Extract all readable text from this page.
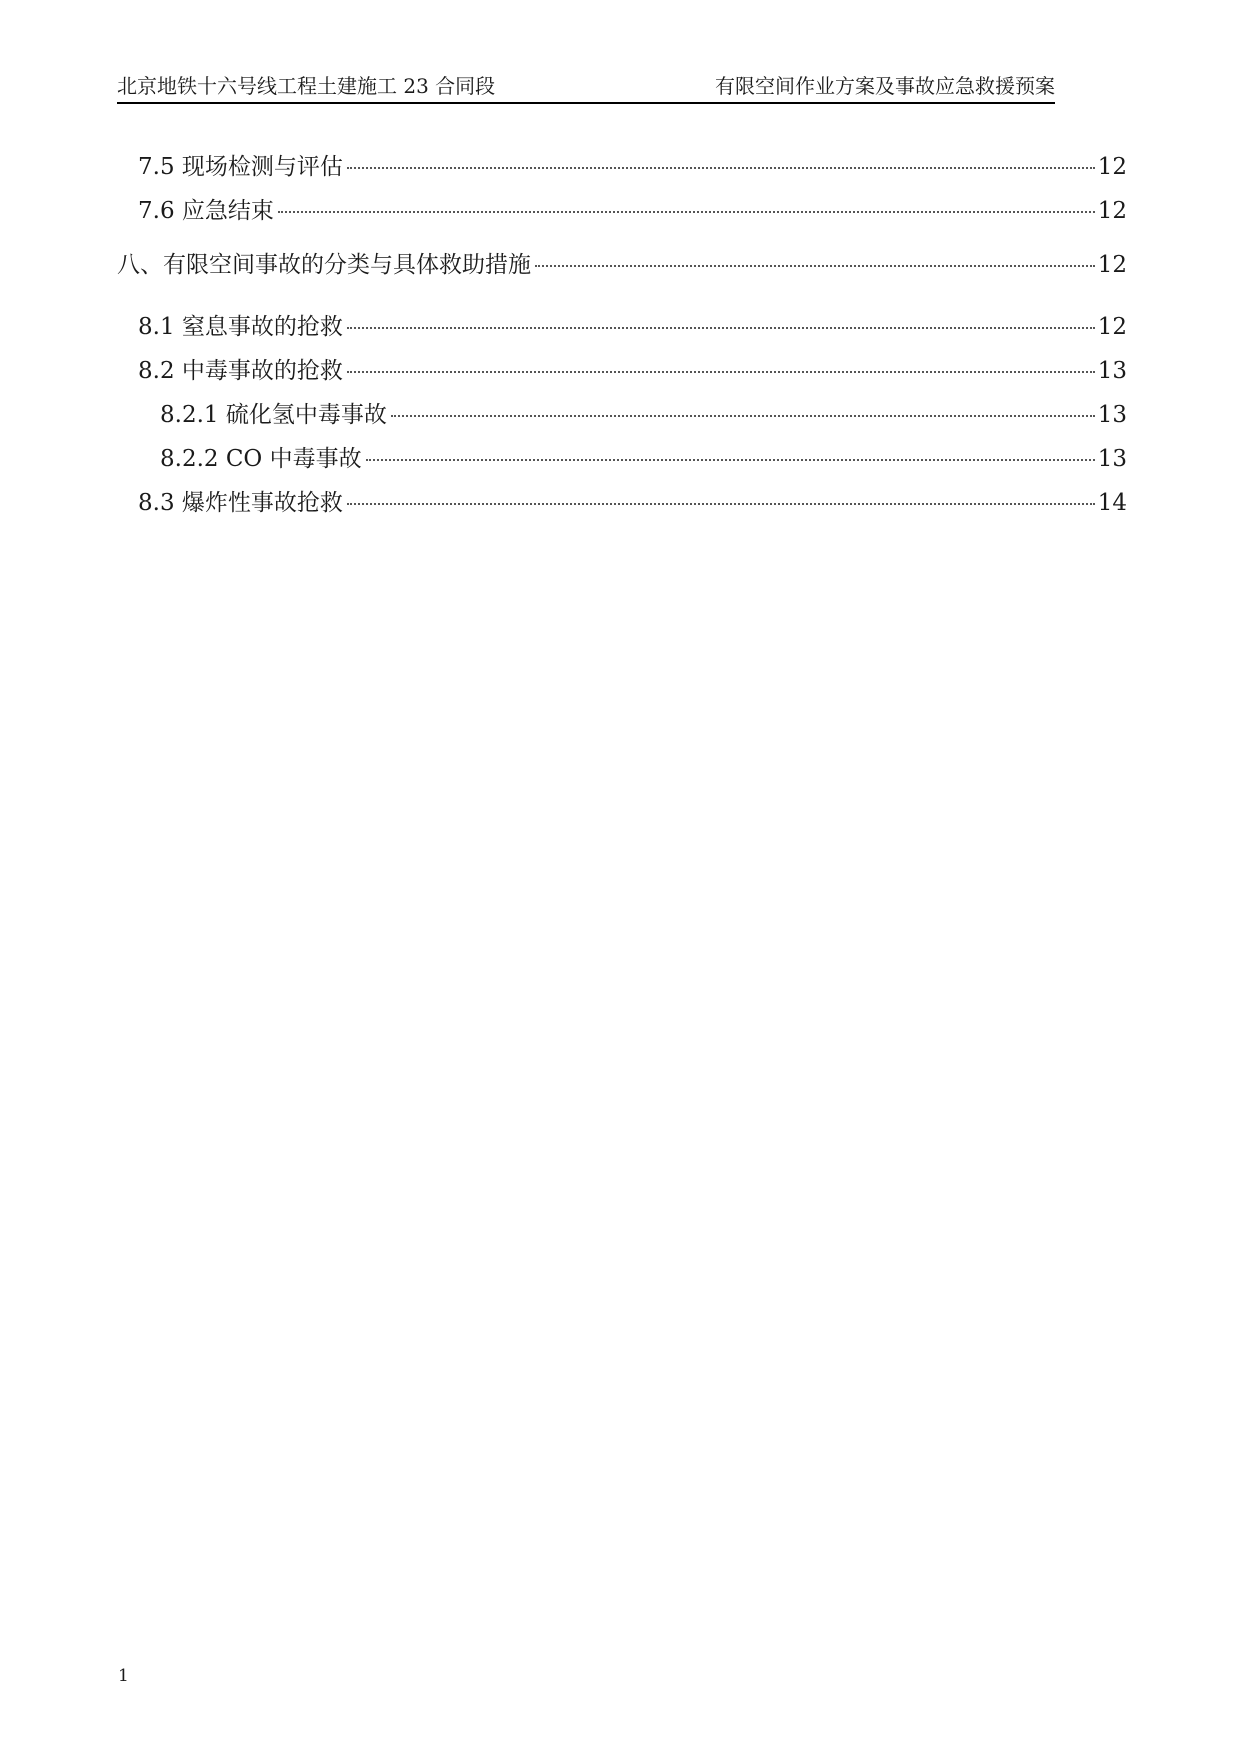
北京地铁十六号线工程土建施工 23 合同段	有限空间作业方案及事故应急救援预案
7.5 现场检测与评估	12
7.6 应急结束	12
八、有限空间事故的分类与具体救助措施	12
8.1 窒息事故的抢救	12
8.2 中毒事故的抢救	13
8.2.1 硫化氢中毒事故	13
8.2.2 CO 中毒事故	13
8.3 爆炸性事故抢救	14
1
